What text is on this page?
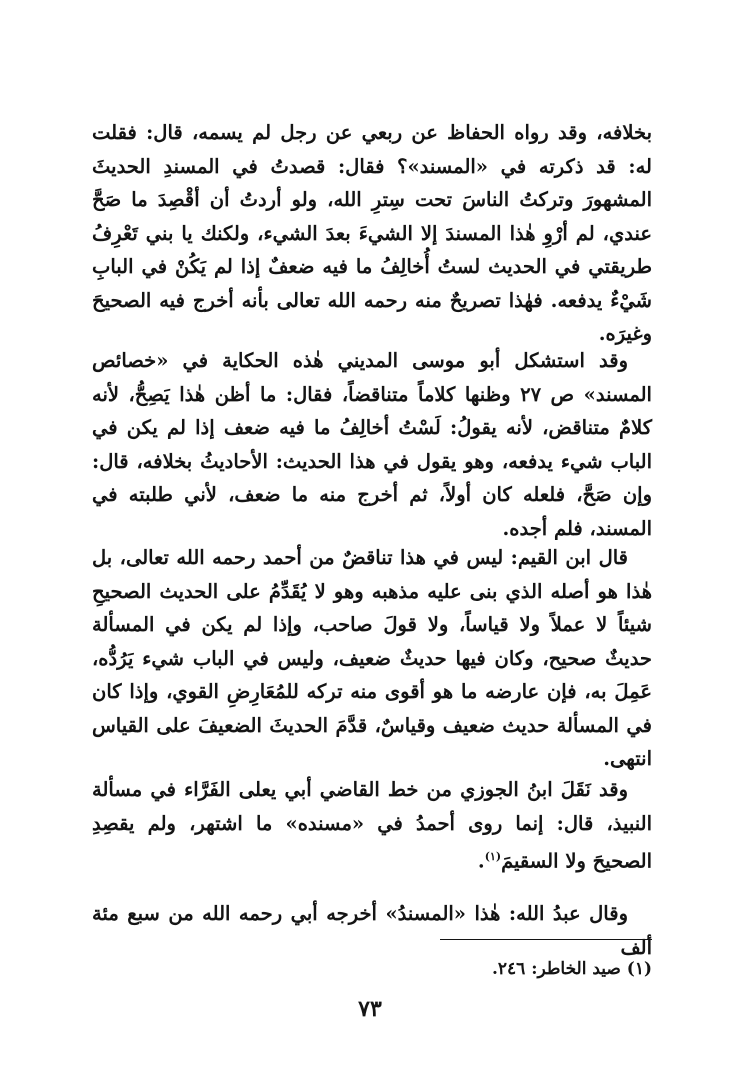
بخلافه، وقد رواه الحفاظ عن ربعي عن رجل لم يسمه، قال: فقلت له: قد ذكرته في «المسند»؟ فقال: قصدتُ في المسندِ الحديثَ المشهورَ وتركتُ الناسَ تحت سِترِ الله، ولو أردتُ أن أقْصِدَ ما صَحَّ عندي، لم أرْوِ هٰذا المسندَ إلا الشيءَ بعدَ الشيء، ولكنك يا بني تَعْرِفُ طريقتي في الحديث لستُ أُخالِفُ ما فيه ضعفٌ إذا لم يَكُنْ في البابِ شَيْءٌ يدفعه. فهٰذا تصريحٌ منه رحمه الله تعالى بأنه أخرج فيه الصحيحَ وغيرَه.

وقد استشكل أبو موسى المديني هٰذه الحكاية في «خصائص المسند» ص ٢٧ وظنها كلاماً متناقضاً، فقال: ما أظن هٰذا يَصِحُّ، لأنه كلامٌ متناقض، لأنه يقولُ: لَسْتُ أخالِفُ ما فيه ضعف إذا لم يكن في الباب شيء يدفعه، وهو يقول في هذا الحديث: الأحاديثُ بخلافه، قال: وإن صَحَّ، فلعله كان أولاً، ثم أخرج منه ما ضعف، لأني طلبته في المسند، فلم أجده.

قال ابن القيم: ليس في هذا تناقضٌ من أحمد رحمه الله تعالى، بل هٰذا هو أصله الذي بنى عليه مذهبه وهو لا يُقَدِّمُ على الحديث الصحيحِ شيئاً لا عملاً ولا قياساً، ولا قولَ صاحب، وإذا لم يكن في المسألة حديثٌ صحيح، وكان فيها حديثٌ ضعيف، وليس في الباب شيء يَرُدُّه، عَمِلَ به، فإن عارضه ما هو أقوى منه تركه للمُعَارِضِ القوي، وإذا كان في المسألة حديث ضعيف وقياسٌ، قدَّمَ الحديثَ الضعيفَ على القياس انتهى.

وقد نَقَلَ ابنُ الجوزي من خط القاضي أبي يعلى الفَرَّاء في مسألة النبيذ، قال: إنما روى أحمدُ في «مسنده» ما اشتهر، ولم يقصِدِ الصحيحَ ولا السقيمَ$^{(١)}$.

وقال عبدُ الله: هٰذا «المسندُ» أخرجه أبي رحمه الله من سبع مئة ألف

(١) صيد الخاطر: ٢٤٦.
٧٣
